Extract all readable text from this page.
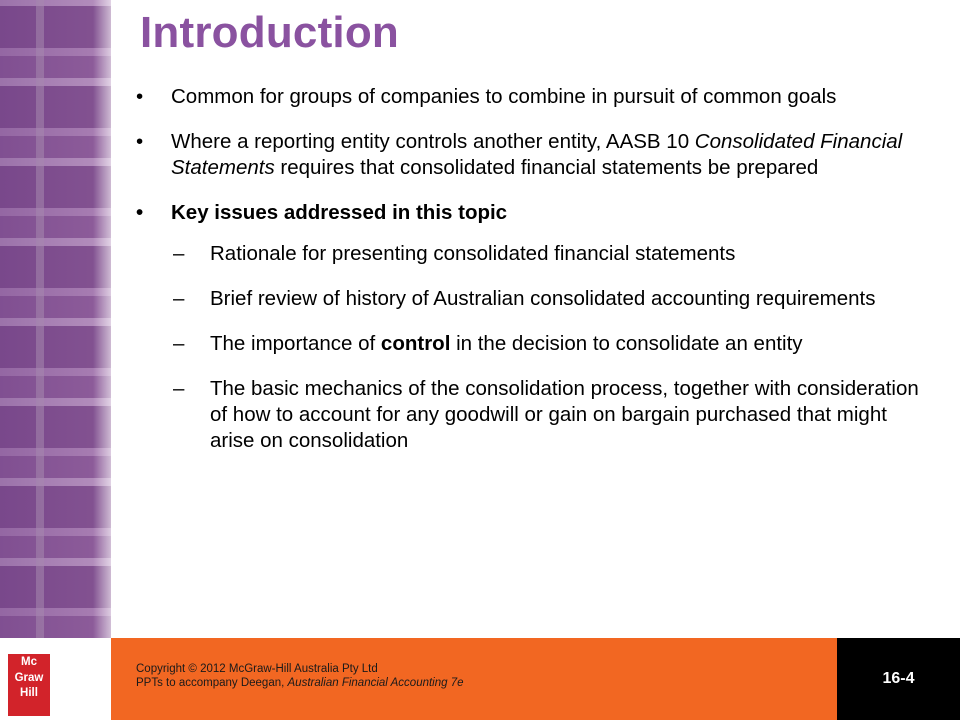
Introduction
• Common for groups of companies to combine in pursuit of common goals
• Where a reporting entity controls another entity, AASB 10 Consolidated Financial Statements requires that consolidated financial statements be prepared
• Key issues addressed in this topic
– Rationale for presenting consolidated financial statements
– Brief review of history of Australian consolidated accounting requirements
– The importance of control in the decision to consolidate an entity
– The basic mechanics of the consolidation process, together with consideration of how to account for any goodwill or gain on bargain purchased that might arise on consolidation
Mc
Graw
Hill
Copyright © 2012 McGraw-Hill Australia Pty Ltd
PPTs to accompany Deegan, Australian Financial Accounting 7e	16-4
